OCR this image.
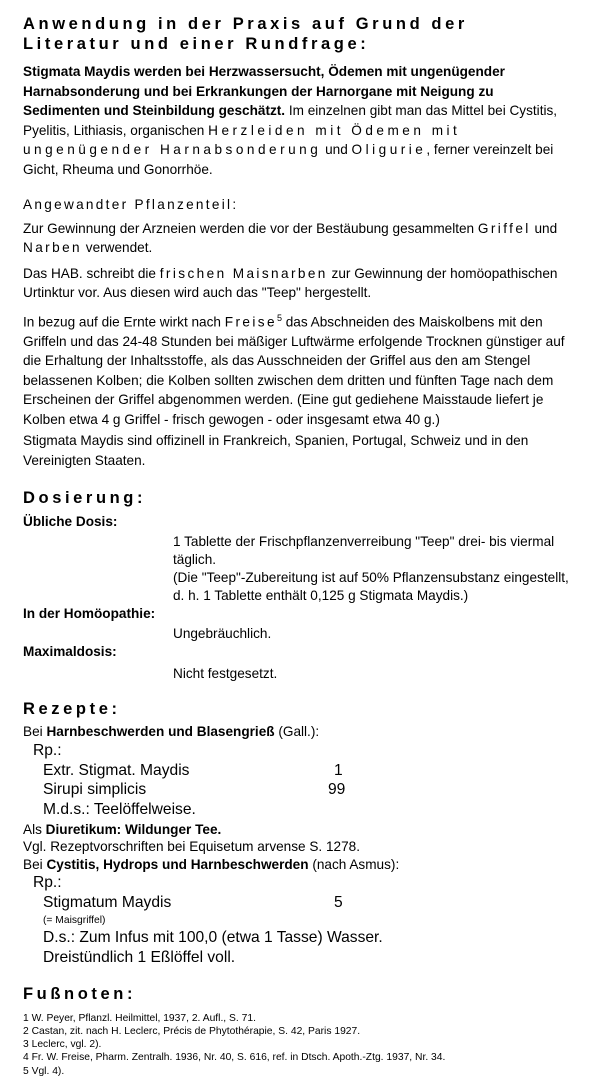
Anwendung in der Praxis auf Grund der Literatur und einer Rundfrage:

Stigmata Maydis werden bei Herzwassersucht, Ödemen mit ungenügender Harnabsonderung und bei Erkrankungen der Harnorgane mit Neigung zu Sedimenten und Steinbildung geschätzt. Im einzelnen gibt man das Mittel bei Cystitis, Pyelitis, Lithiasis, organischen Herzleiden mit Ödemen mit ungenügender Harnabsonderung und Oligurie, ferner vereinzelt bei Gicht, Rheuma und Gonorrhöe.

Angewandter Pflanzenteil:

Zur Gewinnung der Arzneien werden die vor der Bestäubung gesammelten Griffel und Narben verwendet.

Das HAB. schreibt die frischen Maisnarben zur Gewinnung der homöopathischen Urtinktur vor. Aus diesen wird auch das "Teep" hergestellt.

In bezug auf die Ernte wirkt nach Freise$^5$ das Abschneiden des Maiskolbens mit den Griffeln und das 24-48 Stunden bei mäßiger Luftwärme erfolgende Trocknen günstiger auf die Erhaltung der Inhaltsstoffe, als das Ausschneiden der Griffel aus den am Stengel belassenen Kolben; die Kolben sollten zwischen dem dritten und fünften Tage nach dem Erscheinen der Griffel abgenommen werden. (Eine gut gediehene Maisstaude liefert je Kolben etwa 4 g Griffel - frisch gewogen - oder insgesamt etwa 40 g.)

Stigmata Maydis sind offizinell in Frankreich, Spanien, Portugal, Schweiz und in den Vereinigten Staaten.

Dosierung:
Übliche Dosis:
1 Tablette der Frischpflanzenverreibung "Teep" drei- bis viermal täglich.
(Die "Teep"-Zubereitung ist auf 50% Pflanzensubstanz eingestellt, d. h. 1 Tablette enthält 0,125 g Stigmata Maydis.)
In der Homöopathie:
Ungebräuchlich.
Maximaldosis:
Nicht festgesetzt.
Rezepte:

Bei Harnbeschwerden und Blasengrieß (Gall.):

Rp.:
Extr. Stigmat. Maydis	1
Sirupi simplicis	99
M.d.s.: Teelöffelweise.

Als Diuretikum: Wildunger Tee.

Vgl. Rezeptvorschriften bei Equisetum arvense S. 1278.

Bei Cystitis, Hydrops und Harnbeschwerden (nach Asmus):

Rp.:
Stigmatum Maydis	5
(= Maisgriffel)
D.s.: Zum Infus mit 100,0 (etwa 1 Tasse) Wasser.
Dreistündlich 1 Eßlöffel voll.
Fußnoten:

1 W. Peyer, Pflanzl. Heilmittel, 1937, 2. Aufl., S. 71.

2 Castan, zit. nach H. Leclerc, Précis de Phytothérapie, S. 42, Paris 1927.

3 Leclerc, vgl. 2).

4 Fr. W. Freise, Pharm. Zentralh. 1936, Nr. 40, S. 616, ref. in Dtsch. Apoth.-Ztg. 1937, Nr. 34.

5 Vgl. 4).
